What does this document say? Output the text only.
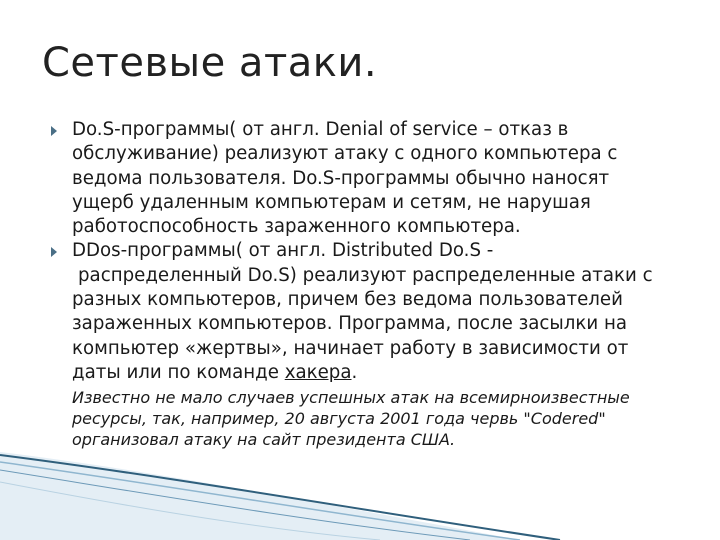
Сетевые атаки.
Do.S-программы( от англ. Denial of service – отказ в
обслуживание) реализуют атаку с одного компьютера с
ведома пользователя. Do.S-программы обычно наносят
ущерб удаленным компьютерам и сетям, не нарушая
работоспособность зараженного компьютера.
DDos-программы( от англ. Distributed Do.S -
распределенный Do.S) реализуют распределенные атаки с
разных компьютеров, причем без ведома пользователей
зараженных компьютеров. Программа, после засылки на
компьютер «жертвы», начинает работу в зависимости от
даты или по команде хакера.
Известно не мало случаев успешных атак на всемирноизвестные
ресурсы, так, например, 20 августа 2001 года червь "Codered"
организовал атаку на сайт президента США.
